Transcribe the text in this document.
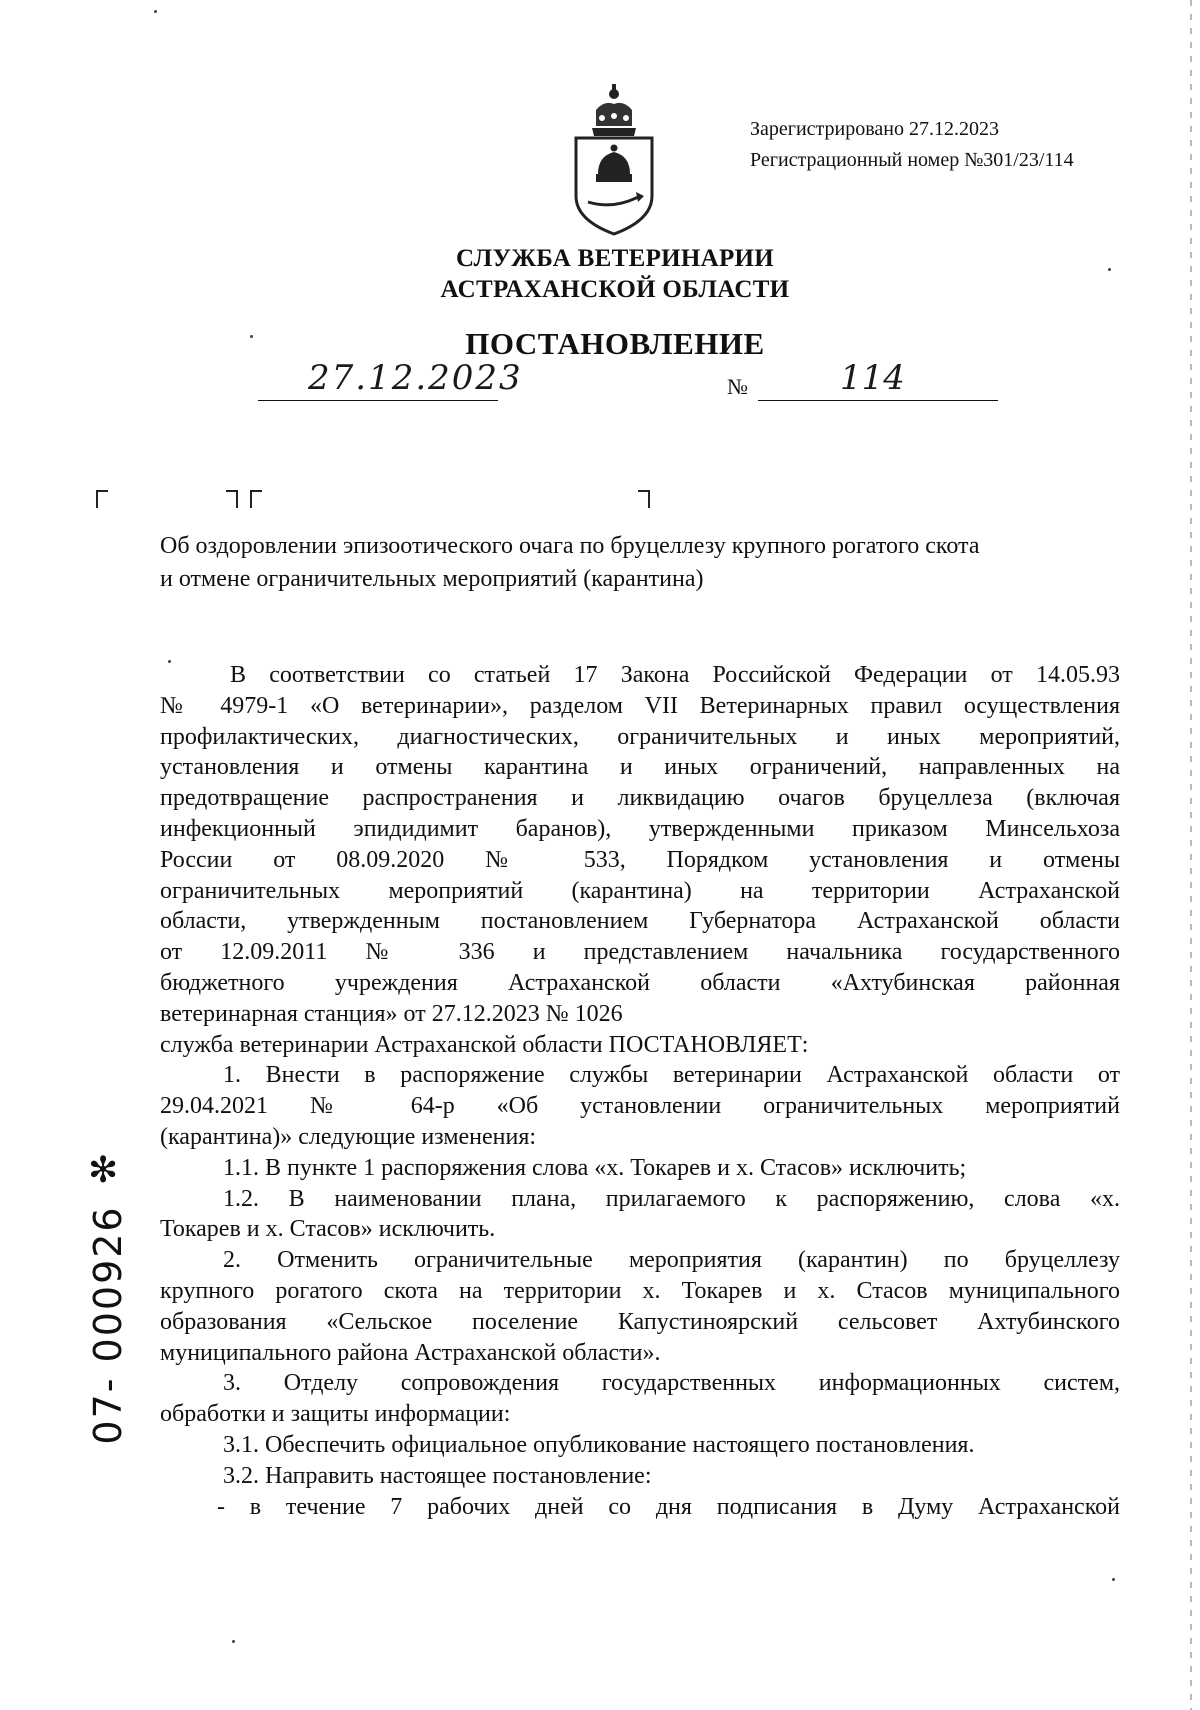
Зарегистрировано 27.12.2023
Регистрационный номер №301/23/114
СЛУЖБА ВЕТЕРИНАРИИ
АСТРАХАНСКОЙ ОБЛАСТИ
ПОСТАНОВЛЕНИЕ
27.12.2023	№	114
Об оздоровлении эпизоотического очага по бруцеллезу крупного рогатого скота
и отмене ограничительных мероприятий (карантина)
В соответствии со статьей 17 Закона Российской Федерации от 14.05.93
№ 4979-1 «О ветеринарии», разделом VII Ветеринарных правил осуществления
профилактических, диагностических, ограничительных и иных мероприятий,
установления и отмены карантина и иных ограничений, направленных на
предотвращение распространения и ликвидацию очагов бруцеллеза (включая
инфекционный эпидидимит баранов), утвержденными приказом Минсельхоза
России от 08.09.2020 № 533, Порядком установления и отмены
ограничительных мероприятий (карантина) на территории Астраханской
области, утвержденным постановлением Губернатора Астраханской области
от 12.09.2011 № 336 и представлением начальника государственного
бюджетного учреждения Астраханской области «Ахтубинская районная
ветеринарная станция» от 27.12.2023 № 1026
служба ветеринарии Астраханской области ПОСТАНОВЛЯЕТ:
1. Внести в распоряжение службы ветеринарии Астраханской области от
29.04.2021 № 64-р «Об установлении ограничительных мероприятий
(карантина)» следующие изменения:
1.1. В пункте 1 распоряжения слова «х. Токарев и х. Стасов» исключить;
1.2. В наименовании плана, прилагаемого к распоряжению, слова «х.
Токарев и х. Стасов» исключить.
2. Отменить ограничительные мероприятия (карантин) по бруцеллезу
крупного рогатого скота на территории х. Токарев и х. Стасов муниципального
образования «Сельское поселение Капустиноярский сельсовет Ахтубинского
муниципального района Астраханской области».
3. Отделу сопровождения государственных информационных систем,
обработки и защиты информации:
3.1. Обеспечить официальное опубликование настоящего постановления.
3.2. Направить настоящее постановление:
- в течение 7 рабочих дней со дня подписания в Думу Астраханской
✻
07- 000926
